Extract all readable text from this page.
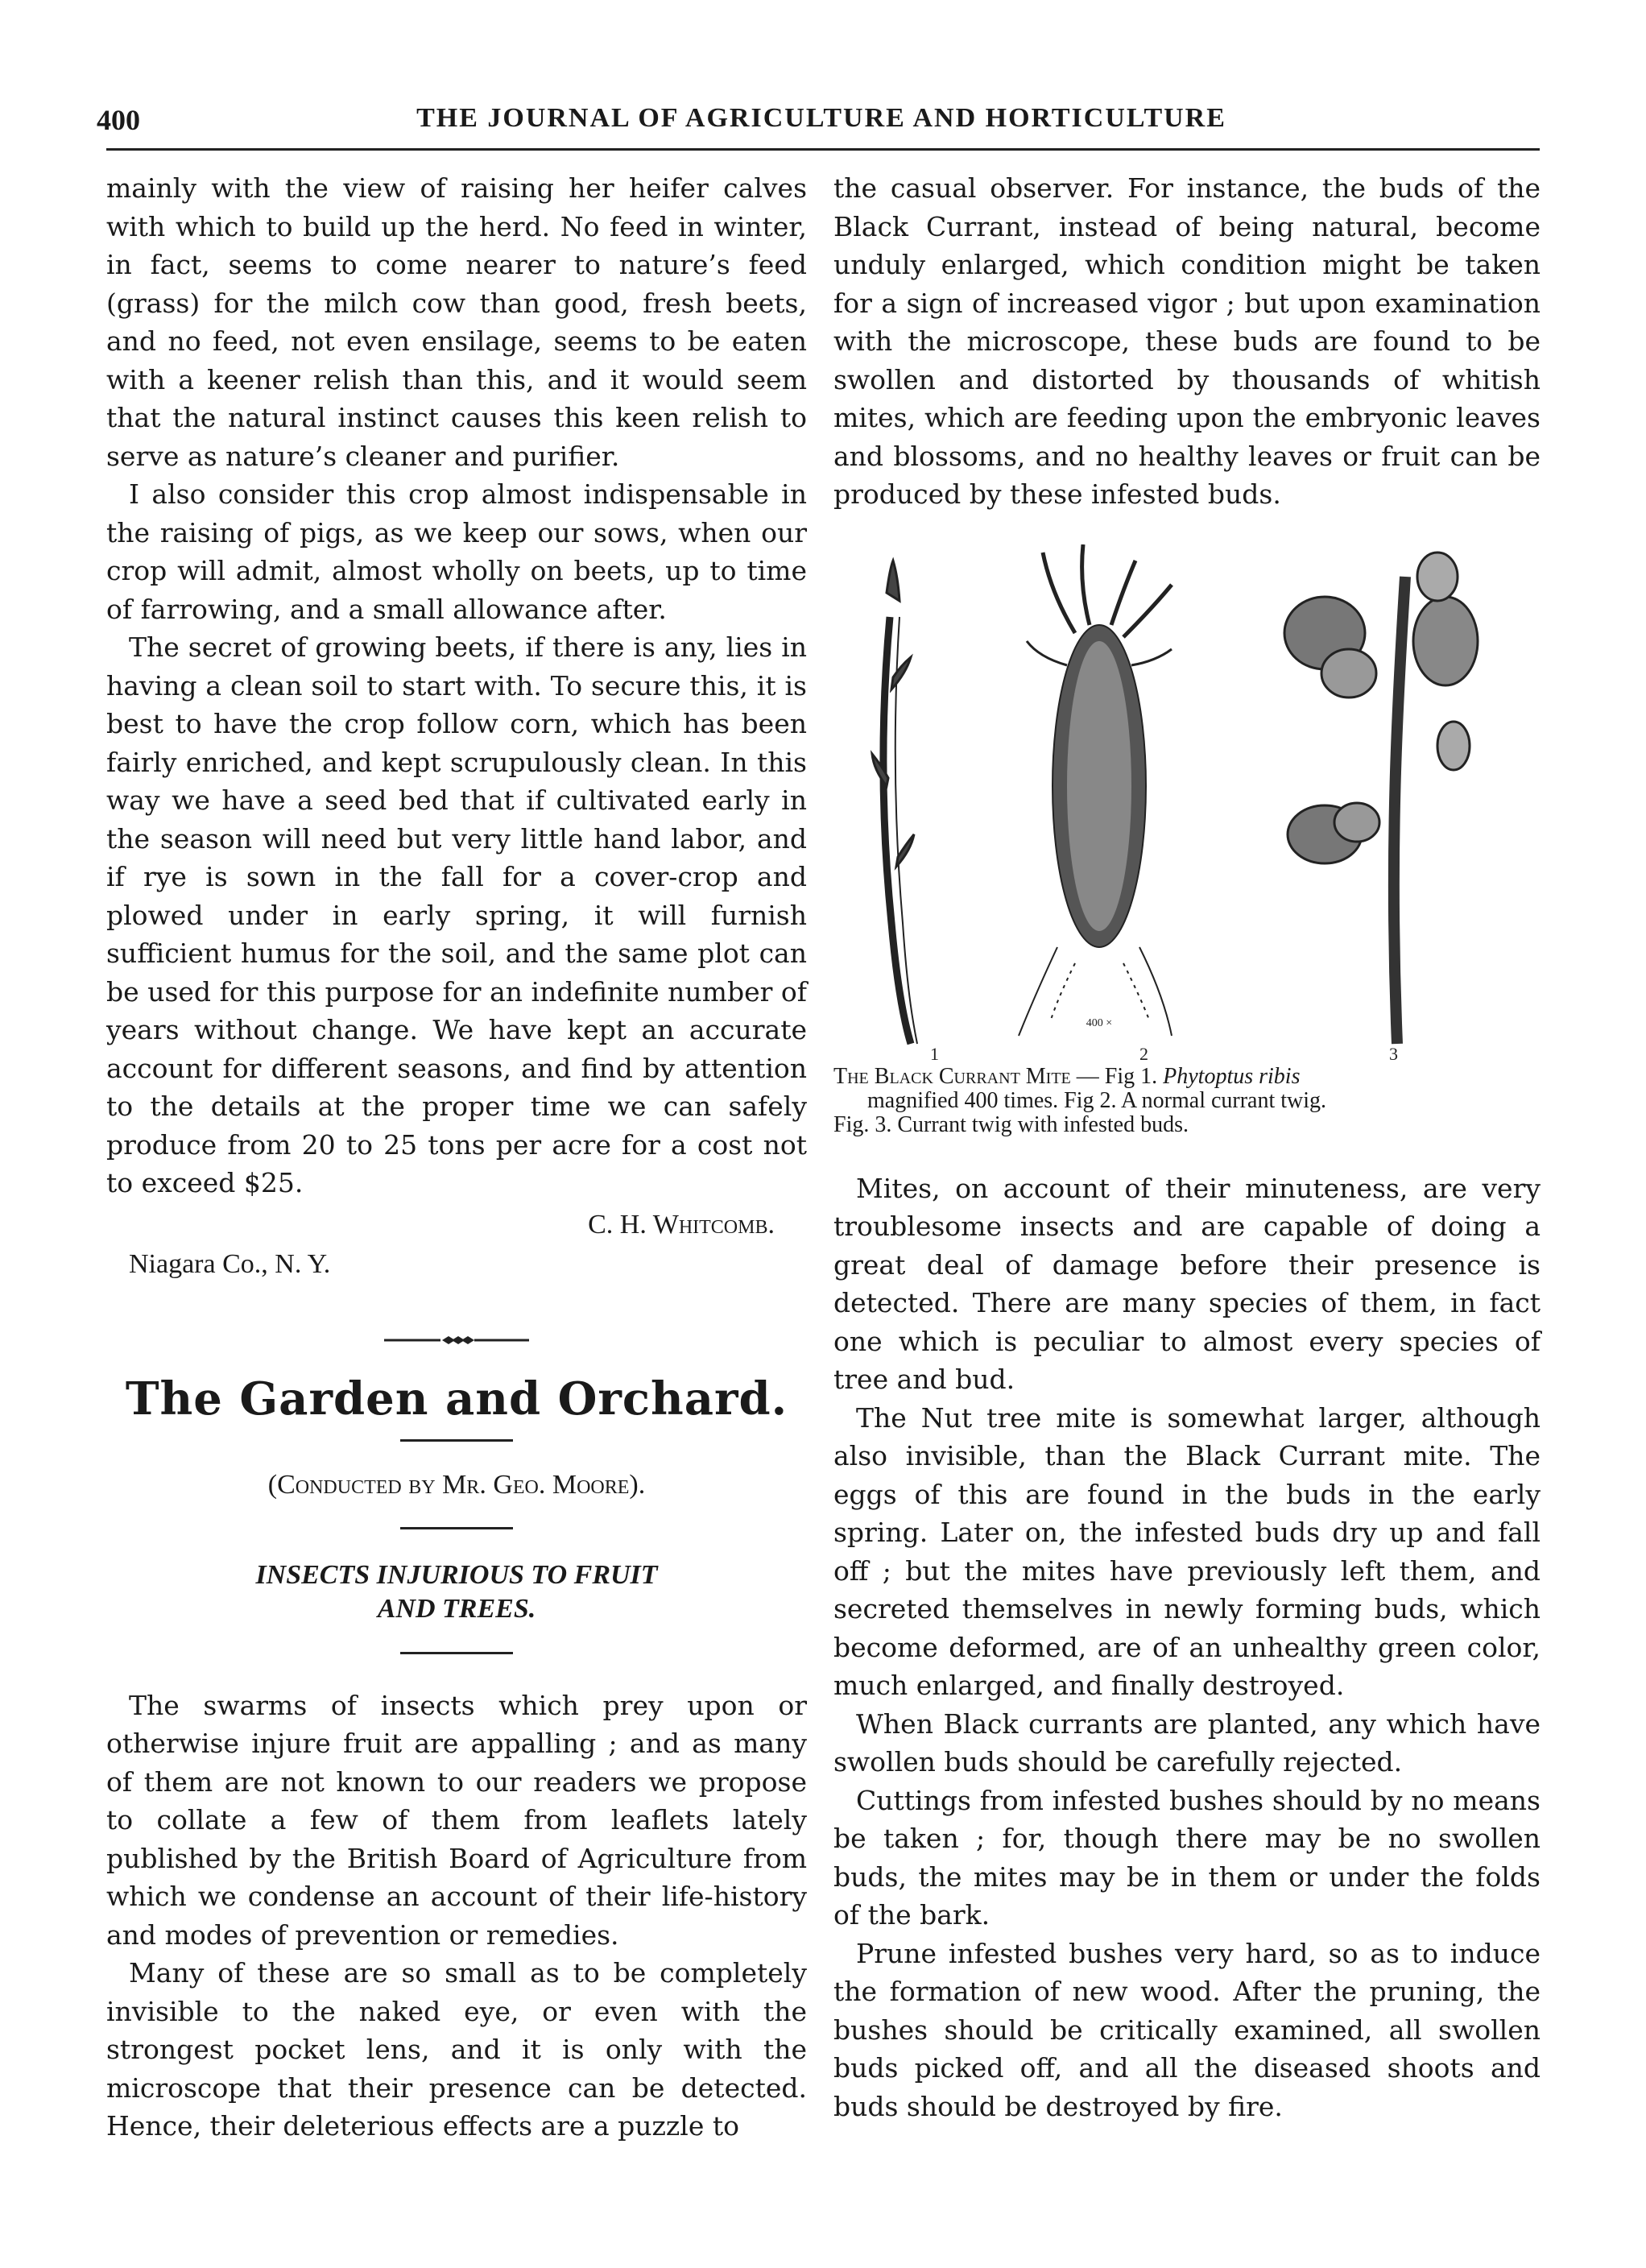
400	THE JOURNAL OF AGRICULTURE AND HORTICULTURE

mainly with the view of raising her heifer calves with which to build up the herd. No feed in winter, in fact, seems to come nearer to nature’s feed (grass) for the milch cow than good, fresh beets, and no feed, not even ensilage, seems to be eaten with a keener relish than this, and it would seem that the natural instinct causes this keen relish to serve as nature’s cleaner and purifier.

I also consider this crop almost indispensable in the raising of pigs, as we keep our sows, when our crop will admit, almost wholly on beets, up to time of farrowing, and a small allowance after.

The secret of growing beets, if there is any, lies in having a clean soil to start with. To secure this, it is best to have the crop follow corn, which has been fairly enriched, and kept scrupulously clean. In this way we have a seed bed that if cultivated early in the season will need but very little hand labor, and if rye is sown in the fall for a cover-crop and plowed under in early spring, it will furnish sufficient humus for the soil, and the same plot can be used for this purpose for an indefinite number of years without change. We have kept an accurate account for different seasons, and find by attention to the details at the proper time we can safely produce from 20 to 25 tons per acre for a cost not to exceed $25.

C. H. Whitcomb.
Niagara Co., N. Y.
The Garden and Orchard.
(Conducted by Mr. Geo. Moore).
INSECTS INJURIOUS TO FRUIT
AND TREES.

The swarms of insects which prey upon or otherwise injure fruit are appalling ; and as many of them are not known to our readers we propose to collate a few of them from leaflets lately published by the British Board of Agriculture from which we condense an account of their life-history and modes of prevention or remedies.

Many of these are so small as to be completely invisible to the naked eye, or even with the strongest pocket lens, and it is only with the microscope that their presence can be detected. Hence, their deleterious effects are a puzzle to

the casual observer. For instance, the buds of the Black Currant, instead of being natural, become unduly enlarged, which condition might be taken for a sign of increased vigor ; but upon examination with the microscope, these buds are found to be swollen and distorted by thousands of whitish mites, which are feeding upon the embryonic leaves and blossoms, and no healthy leaves or fruit can be produced by these infested buds.

400 ×
1	2	3
The Black Currant Mite — Fig 1. Phytoptus ribis
magnified 400 times. Fig 2. A normal currant twig.
Fig. 3. Currant twig with infested buds.

Mites, on account of their minuteness, are very troublesome insects and are capable of doing a great deal of damage before their presence is detected. There are many species of them, in fact one which is peculiar to almost every species of tree and bud.

The Nut tree mite is somewhat larger, although also invisible, than the Black Currant mite. The eggs of this are found in the buds in the early spring. Later on, the infested buds dry up and fall off ; but the mites have previously left them, and secreted themselves in newly forming buds, which become deformed, are of an unhealthy green color, much enlarged, and finally destroyed.

When Black currants are planted, any which have swollen buds should be carefully rejected.

Cuttings from infested bushes should by no means be taken ; for, though there may be no swollen buds, the mites may be in them or under the folds of the bark.

Prune infested bushes very hard, so as to induce the formation of new wood. After the pruning, the bushes should be critically examined, all swollen buds picked off, and all the diseased shoots and buds should be destroyed by fire.
